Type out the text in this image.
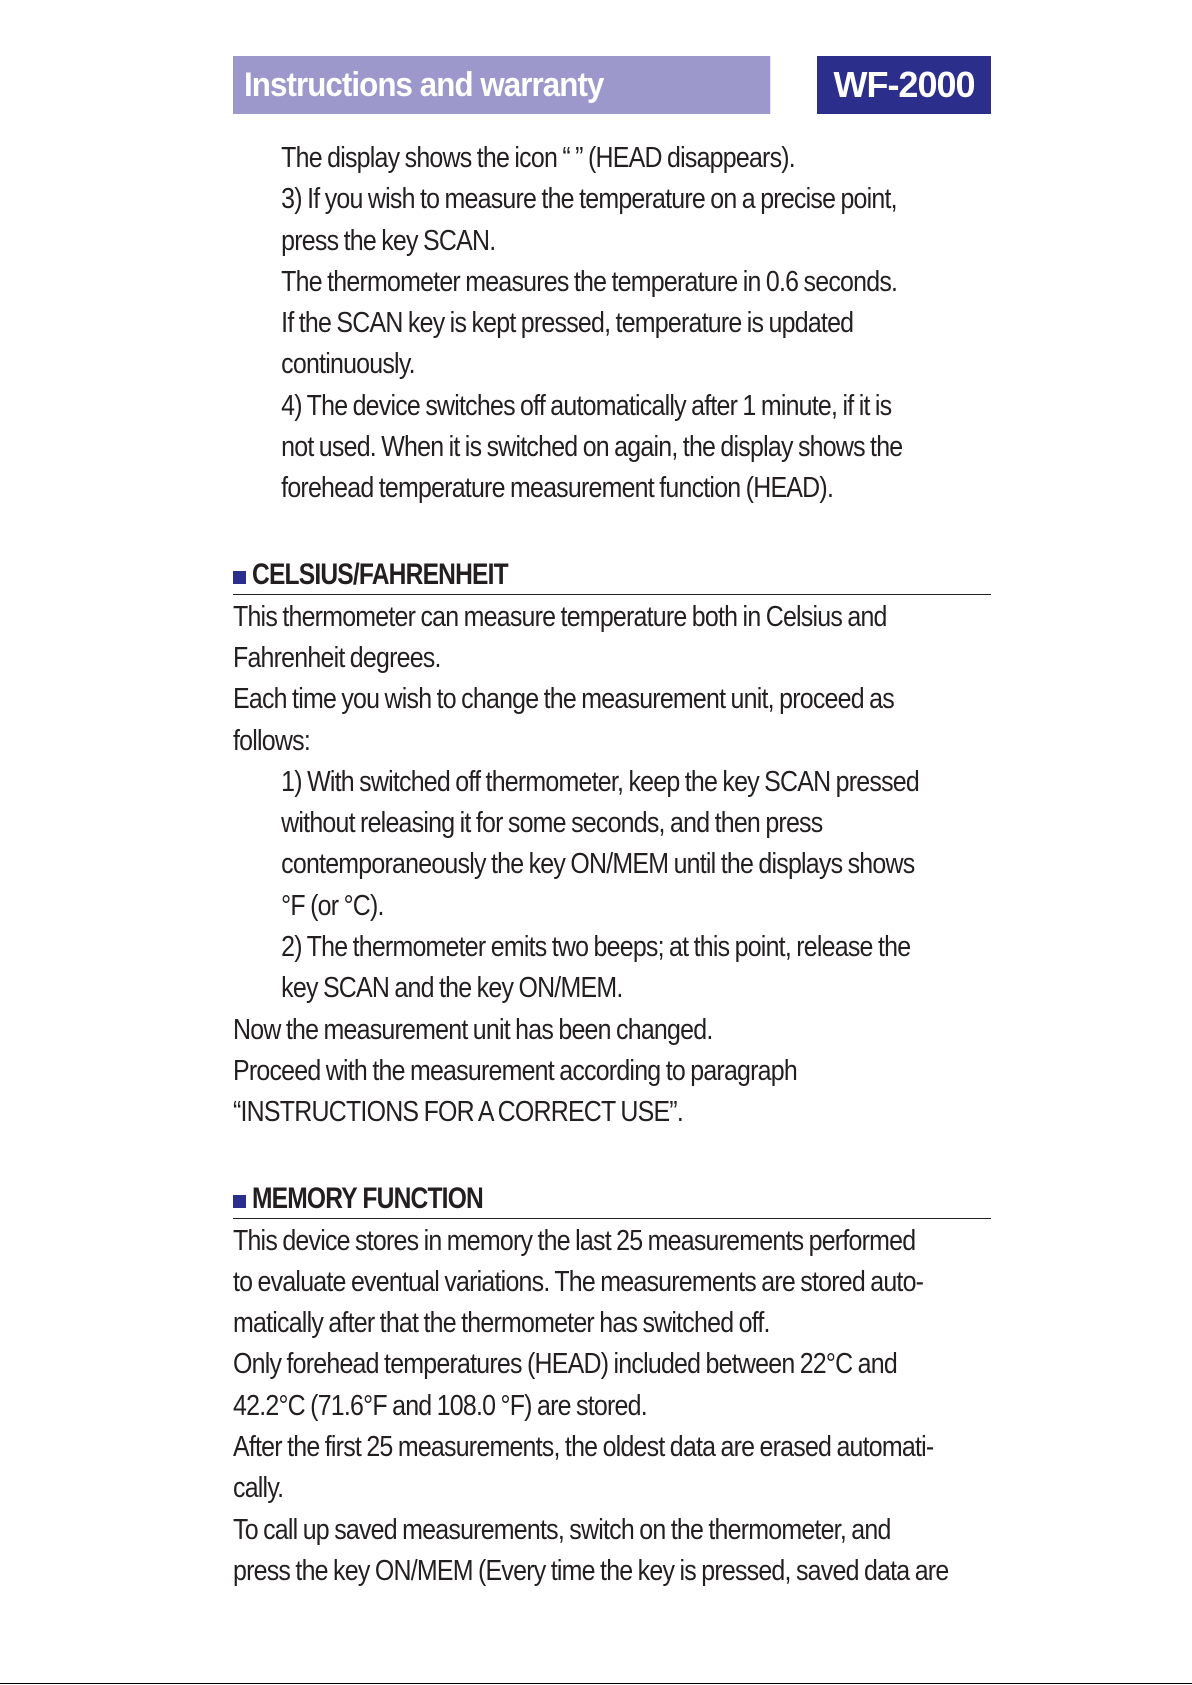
Instructions and warranty	WF-2000

The display shows the icon “ ” (HEAD disappears).

3) If you wish to measure the temperature on a precise point,

press the key SCAN.

The thermometer measures the temperature in 0.6 seconds.

If the SCAN key is kept pressed, temperature is updated

continuously.

4) The device switches off automatically after 1 minute, if it is

not used. When it is switched on again, the display shows the

forehead temperature measurement function (HEAD).

CELSIUS/FAHRENHEIT

This thermometer can measure temperature both in Celsius and

Fahrenheit degrees.

Each time you wish to change the measurement unit, proceed as

follows:

1) With switched off thermometer, keep the key SCAN pressed

without releasing it for some seconds, and then press

contemporaneously the key ON/MEM until the displays shows

°F (or °C).

2) The thermometer emits two beeps; at this point, release the

key SCAN and the key ON/MEM.

Now the measurement unit has been changed.

Proceed with the measurement according to paragraph

“INSTRUCTIONS FOR A CORRECT USE”.

MEMORY FUNCTION

This device stores in memory the last 25 measurements performed

to evaluate eventual variations. The measurements are stored auto-

matically after that the thermometer has switched off.

Only forehead temperatures (HEAD) included between 22°C and

42.2°C (71.6°F and 108.0 °F) are stored.

After the first 25 measurements, the oldest data are erased automati-

cally.

To call up saved measurements, switch on the thermometer, and

press the key ON/MEM (Every time the key is pressed, saved data are
